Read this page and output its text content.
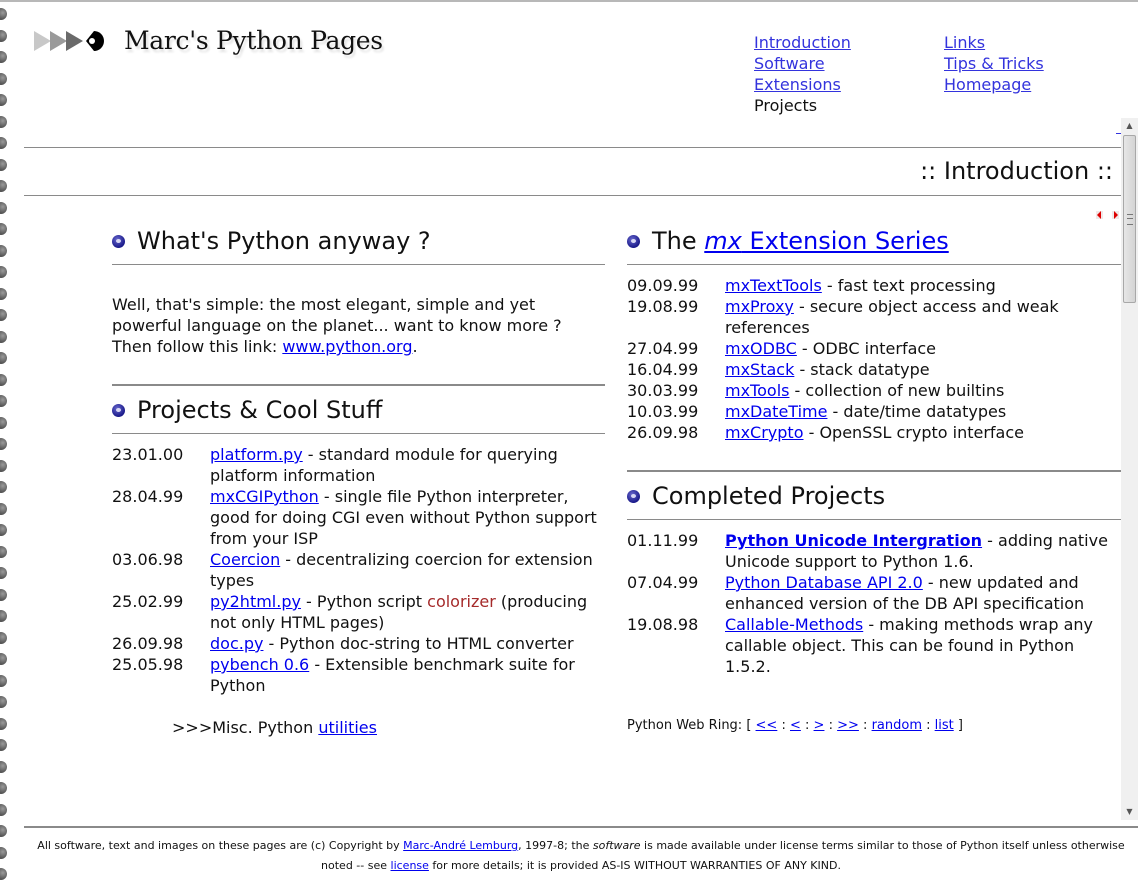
Marc's Python Pages	Introduction
Software
Extensions
Projects
Links
Tips & Tricks
Homepage
:: Introduction ::
▲
▼
What's Python anyway ?
Well, that's simple: the most elegant, simple and yet powerful language on the planet... want to know more ? Then follow this link: www.python.org.
Projects & Cool Stuff
23.01.00	platform.py - standard module for querying platform information
28.04.99	mxCGIPython - single file Python interpreter, good for doing CGI even without Python support from your ISP
03.06.98	Coercion - decentralizing coercion for extension types
25.02.99	py2html.py - Python script colorizer (producing not only HTML pages)
26.09.98	doc.py - Python doc-string to HTML converter
25.05.98	pybench 0.6 - Extensible benchmark suite for Python
>>>Misc. Python utilities
The mx Extension Series
09.09.99	mxTextTools - fast text processing
19.08.99	mxProxy - secure object access and weak references
27.04.99	mxODBC - ODBC interface
16.04.99	mxStack - stack datatype
30.03.99	mxTools - collection of new builtins
10.03.99	mxDateTime - date/time datatypes
26.09.98	mxCrypto - OpenSSL crypto interface
Completed Projects
01.11.99	Python Unicode Intergration - adding native Unicode support to Python 1.6.
07.04.99	Python Database API 2.0 - new updated and enhanced version of the DB API specification
19.08.98	Callable-Methods - making methods wrap any callable object. This can be found in Python 1.5.2.
Python Web Ring: [ << : < : > : >> : random : list ]
All software, text and images on these pages are (c) Copyright by Marc-André Lemburg, 1997-8; the software is made available under license terms similar to those of Python itself unless otherwise noted -- see license for more details; it is provided AS-IS WITHOUT WARRANTIES OF ANY KIND.
